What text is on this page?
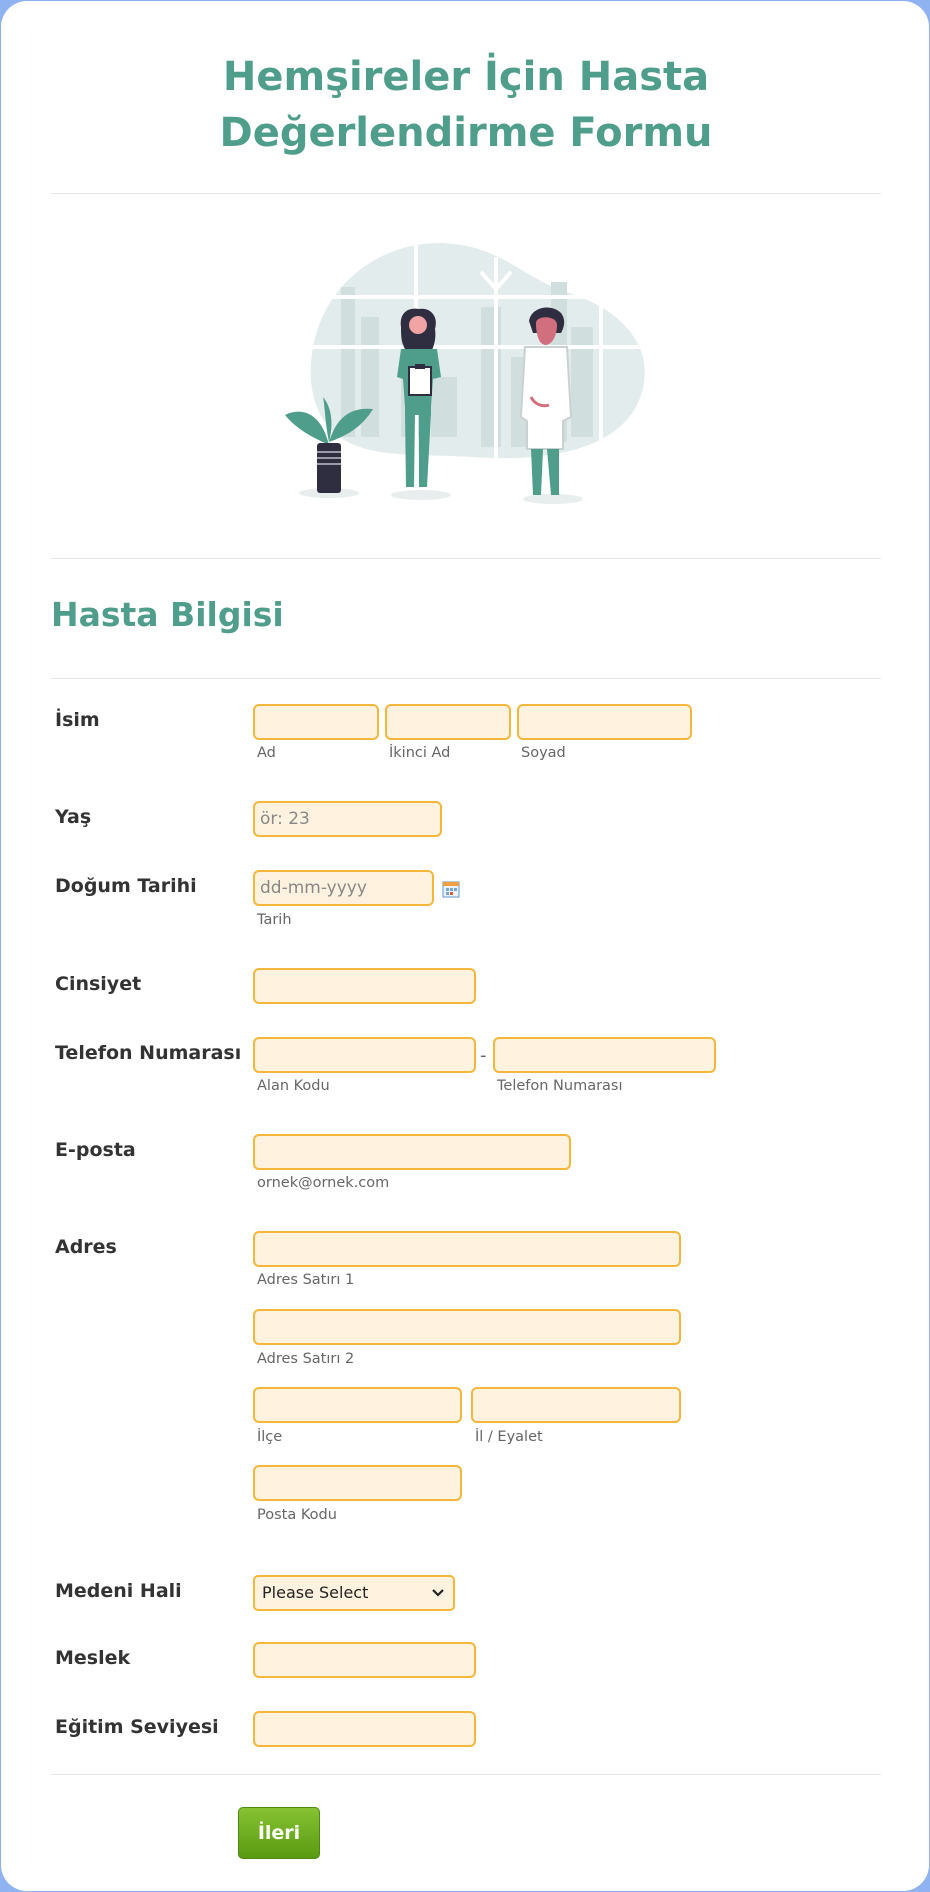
Hemşireler İçin Hasta Değerlendirme Formu
Hasta Bilgisi
İsim
Ad	İkinci Ad	Soyad
Yaş
ör: 23
Doğum Tarihi
dd-mm-yyyy
Tarih
Cinsiyet
Telefon Numarası	-
Alan Kodu	Telefon Numarası
E-posta
ornek@ornek.com
Adres
Adres Satırı 1
Adres Satırı 2
İlçe	İl / Eyalet
Posta Kodu
Medeni Hali	Please Select
Meslek
Eğitim Seviyesi
İleri
